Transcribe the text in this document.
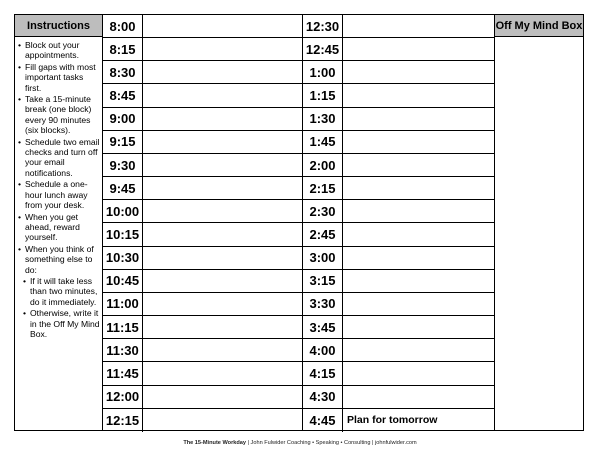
Instructions
• Block out your appointments.
• Fill gaps with most important tasks first.
• Take a 15-minute break (one block) every 90 minutes (six blocks).
• Schedule two email checks and turn off your email notifications.
• Schedule a one-hour lunch away from your desk.
• When you get ahead, reward yourself.
• When you think of something else to do:
• If it will take less than two minutes, do it immediately.
• Otherwise, write it in the Off My Mind Box.
8:00
8:15
8:30
8:45
9:00
9:15
9:30
9:45
10:00
10:15
10:30
10:45
11:00
11:15
11:30
11:45
12:00
12:15
12:30
12:45
1:00
1:15
1:30
1:45
2:00
2:15
2:30
2:45
3:00
3:15
3:30
3:45
4:00
4:15
4:30
4:45	Plan for tomorrow
Off My Mind Box
The 15-Minute Workday | John Fulwider Coaching • Speaking • Consulting | johnfulwider.com
